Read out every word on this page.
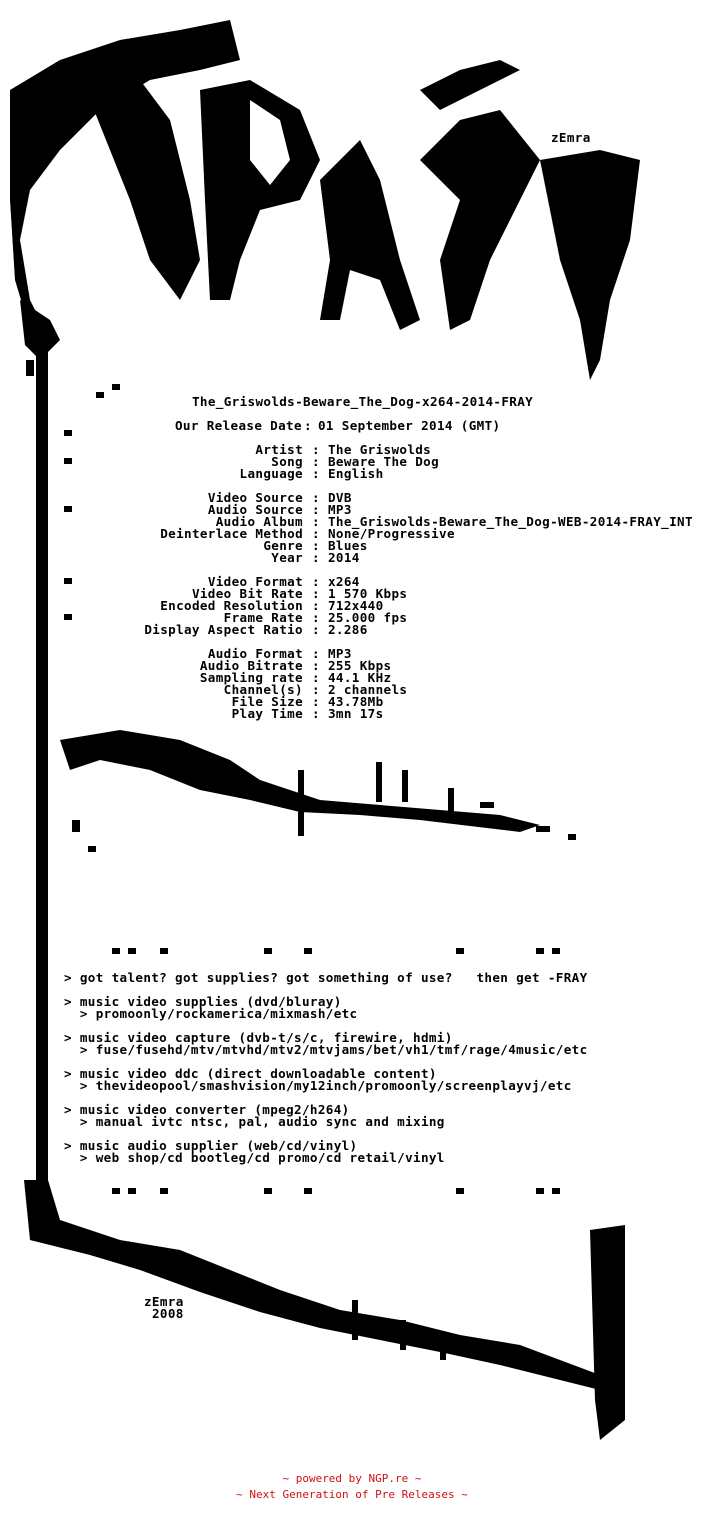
zEmra

The_Griswolds-Beware_The_Dog-x264-2014-FRAY

Our Release Date

:

01 September 2014 (GMT)

Artist : The Griswolds
Song : Beware The Dog
Language : English
Video Source : DVB
Audio Source : MP3
Audio Album : The_Griswolds-Beware_The_Dog-WEB-2014-FRAY_INT
Deinterlace Method : None/Progressive
Genre : Blues
Year : 2014
Video Format : x264
Video Bit Rate : 1 570 Kbps
Encoded Resolution : 712x440
Frame Rate : 25.000 fps
Display Aspect Ratio : 2.286
Audio Format : MP3
Audio Bitrate : 255 Kbps
Sampling rate : 44.1 KHz
Channel(s) : 2 channels
File Size : 43.78Mb
Play Time : 3mn 17s

> got talent? got supplies? got something of use?   then get -FRAY

> music video supplies (dvd/bluray)
> promoonly/rockamerica/mixmash/etc
> music video capture (dvb-t/s/c, firewire, hdmi)
> fuse/fusehd/mtv/mtvhd/mtv2/mtvjams/bet/vh1/tmf/rage/4music/etc
> music video ddc (direct downloadable content)
> thevideopool/smashvision/my12inch/promoonly/screenplayvj/etc
> music video converter (mpeg2/h264)
> manual ivtc ntsc, pal, audio sync and mixing
> music audio supplier (web/cd/vinyl)
> web shop/cd bootleg/cd promo/cd retail/vinyl

zEmra

2008

~ powered by NGP.re ~
~ Next Generation of Pre Releases ~
